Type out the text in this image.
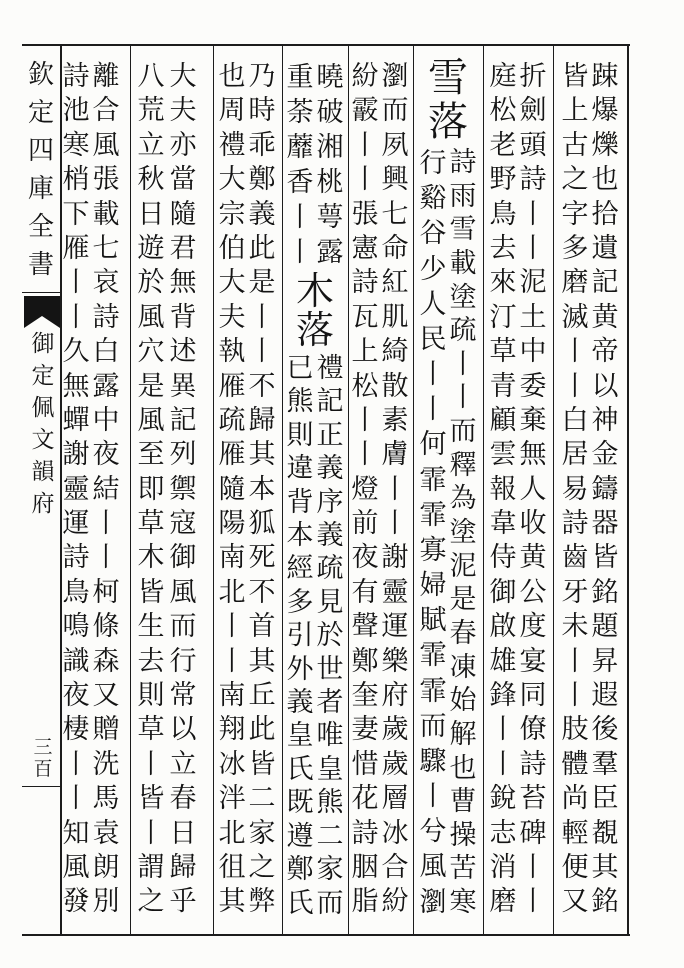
欽
定
四
庫
全
書
御
定
佩
文
韻
府
三
百
踈
爆
爍
也
拾
遺
記
黄
帝
以
神
金
鑄
器
皆
銘
題
昇
遐
後
羣
臣
覩
其
銘
皆
上
古
之
字
多
磨
滅
丨
丨
白
居
易
詩
齒
牙
未
丨
丨
肢
體
尚
輕
便
又
折
劍
頭
詩
丨
丨
泥
土
中
委
棄
無
人
收
黄
公
度
宴
同
僚
詩
苔
碑
丨
丨
庭
松
老
野
鳥
去
來
汀
草
青
顧
雲
報
韋
侍
御
啟
雄
鋒
丨
丨
銳
志
消
磨
雪
落
詩
雨
雪
載
塗
疏
丨
丨
而
釋
為
塗
泥
是
春
凍
始
解
也
曹
操
苦
寒
行
谿
谷
少
人
民
丨
丨
何
霏
霏
寡
婦
賦
霏
霏
而
驟
丨
兮
風
瀏
瀏
而
夙
興
七
命
紅
肌
綺
散
素
膚
丨
丨
謝
靈
運
樂
府
歲
歲
層
冰
合
紛
紛
霰
丨
丨
張
憲
詩
瓦
上
松
丨
丨
燈
前
夜
有
聲
鄭
奎
妻
惜
花
詩
胭
脂
曉
破
湘
桃
萼
露
重
荼
蘼
香
丨
丨
木
落
禮
記
正
義
序
義
疏
見
於
世
者
唯
皇
熊
二
家
而
已
熊
則
違
背
本
經
多
引
外
義
皇
氏
既
遵
鄭
氏
乃
時
乖
鄭
義
此
是
丨
丨
不
歸
其
本
狐
死
不
首
其
丘
此
皆
二
家
之
弊
也
周
禮
大
宗
伯
大
夫
執
雁
疏
雁
隨
陽
南
北
丨
丨
南
翔
冰
泮
北
徂
其
大
夫
亦
當
隨
君
無
背
述
異
記
列
禦
寇
御
風
而
行
常
以
立
春
日
歸
乎
八
荒
立
秋
日
遊
於
風
穴
是
風
至
即
草
木
皆
生
去
則
草
丨
皆
丨
謂
之
離
合
風
張
載
七
哀
詩
白
露
中
夜
結
丨
丨
柯
條
森
又
贈
洗
馬
袁
朗
別
詩
池
寒
梢
下
雁
丨
丨
久
無
蟬
謝
靈
運
詩
鳥
鳴
識
夜
棲
丨
丨
知
風
發
